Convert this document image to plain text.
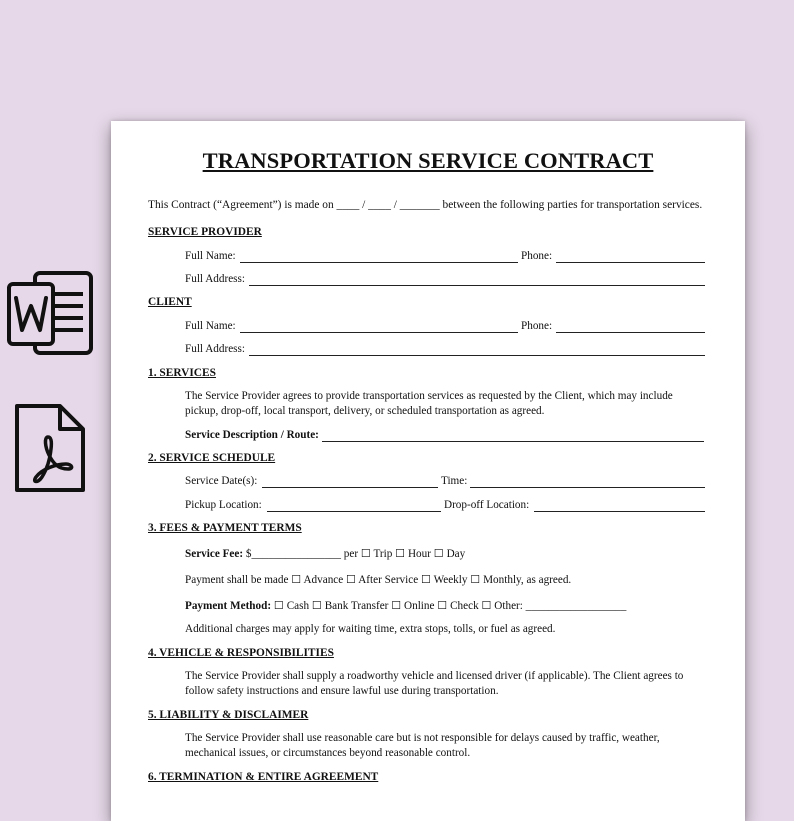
TRANSPORTATION SERVICE CONTRACT
This Contract (“Agreement”) is made on ____ / ____ / _______ between the following parties for transportation services.
SERVICE PROVIDER
Full Name:	Phone:
Full Address:
CLIENT
Full Name:	Phone:
Full Address:
1. SERVICES
The Service Provider agrees to provide transportation services as requested by the Client, which may include
pickup, drop-off, local transport, delivery, or scheduled transportation as agreed.
Service Description / Route:
2. SERVICE SCHEDULE
Service Date(s):	Time:
Pickup Location:	Drop-off Location:
3. FEES & PAYMENT TERMS
Service Fee: $________________ per ☐ Trip ☐ Hour ☐ Day
Payment shall be made ☐ Advance ☐ After Service ☐ Weekly ☐ Monthly, as agreed.
Payment Method: ☐ Cash ☐ Bank Transfer ☐ Online ☐ Check ☐ Other: __________________
Additional charges may apply for waiting time, extra stops, tolls, or fuel as agreed.
4. VEHICLE & RESPONSIBILITIES
The Service Provider shall supply a roadworthy vehicle and licensed driver (if applicable). The Client agrees to
follow safety instructions and ensure lawful use during transportation.
5. LIABILITY & DISCLAIMER
The Service Provider shall use reasonable care but is not responsible for delays caused by traffic, weather,
mechanical issues, or circumstances beyond reasonable control.
6. TERMINATION & ENTIRE AGREEMENT
